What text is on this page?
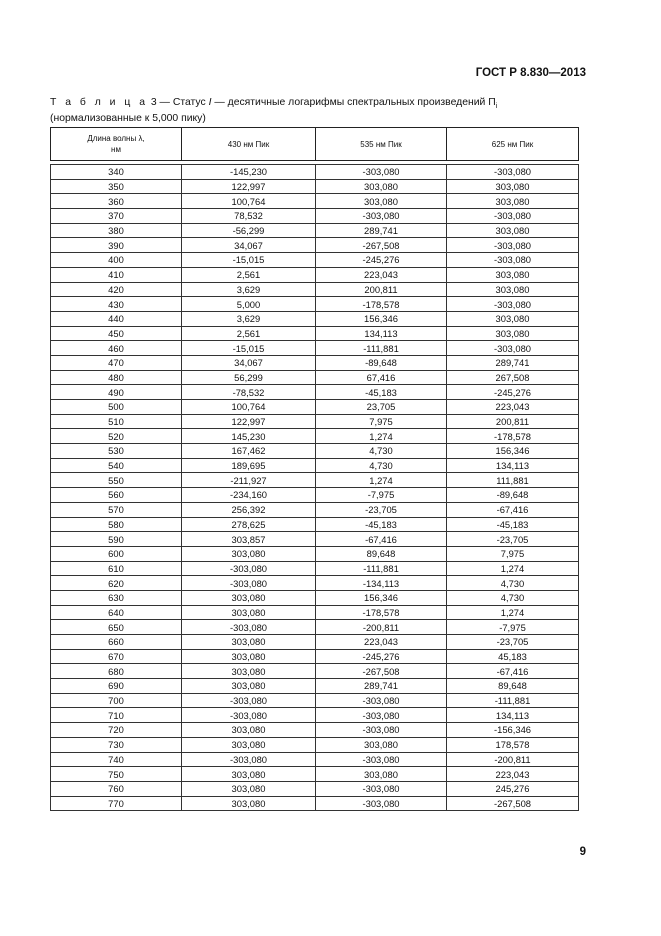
ГОСТ Р 8.830—2013
Т а б л и ц а 3 — Статус I — десятичные логарифмы спектральных произведений $П_i$ (нормализованные к 5,000 пику)
Длина волны λ, нм	430 нм Пик	535 нм Пик	625 нм Пик
340	-145,230	-303,080	-303,080
350	122,997	303,080	303,080
360	100,764	303,080	303,080
370	78,532	-303,080	-303,080
380	-56,299	289,741	303,080
390	34,067	-267,508	-303,080
400	-15,015	-245,276	-303,080
410	2,561	223,043	303,080
420	3,629	200,811	303,080
430	5,000	-178,578	-303,080
440	3,629	156,346	303,080
450	2,561	134,113	303,080
460	-15,015	-111,881	-303,080
470	34,067	-89,648	289,741
480	56,299	67,416	267,508
490	-78,532	-45,183	-245,276
500	100,764	23,705	223,043
510	122,997	7,975	200,811
520	145,230	1,274	-178,578
530	167,462	4,730	156,346
540	189,695	4,730	134,113
550	-211,927	1,274	111,881
560	-234,160	-7,975	-89,648
570	256,392	-23,705	-67,416
580	278,625	-45,183	-45,183
590	303,857	-67,416	-23,705
600	303,080	89,648	7,975
610	-303,080	-111,881	1,274
620	-303,080	-134,113	4,730
630	303,080	156,346	4,730
640	303,080	-178,578	1,274
650	-303,080	-200,811	-7,975
660	303,080	223,043	-23,705
670	303,080	-245,276	45,183
680	303,080	-267,508	-67,416
690	303,080	289,741	89,648
700	-303,080	-303,080	-111,881
710	-303,080	-303,080	134,113
720	303,080	-303,080	-156,346
730	303,080	303,080	178,578
740	-303,080	-303,080	-200,811
750	303,080	303,080	223,043
760	303,080	-303,080	245,276
770	303,080	-303,080	-267,508
9
